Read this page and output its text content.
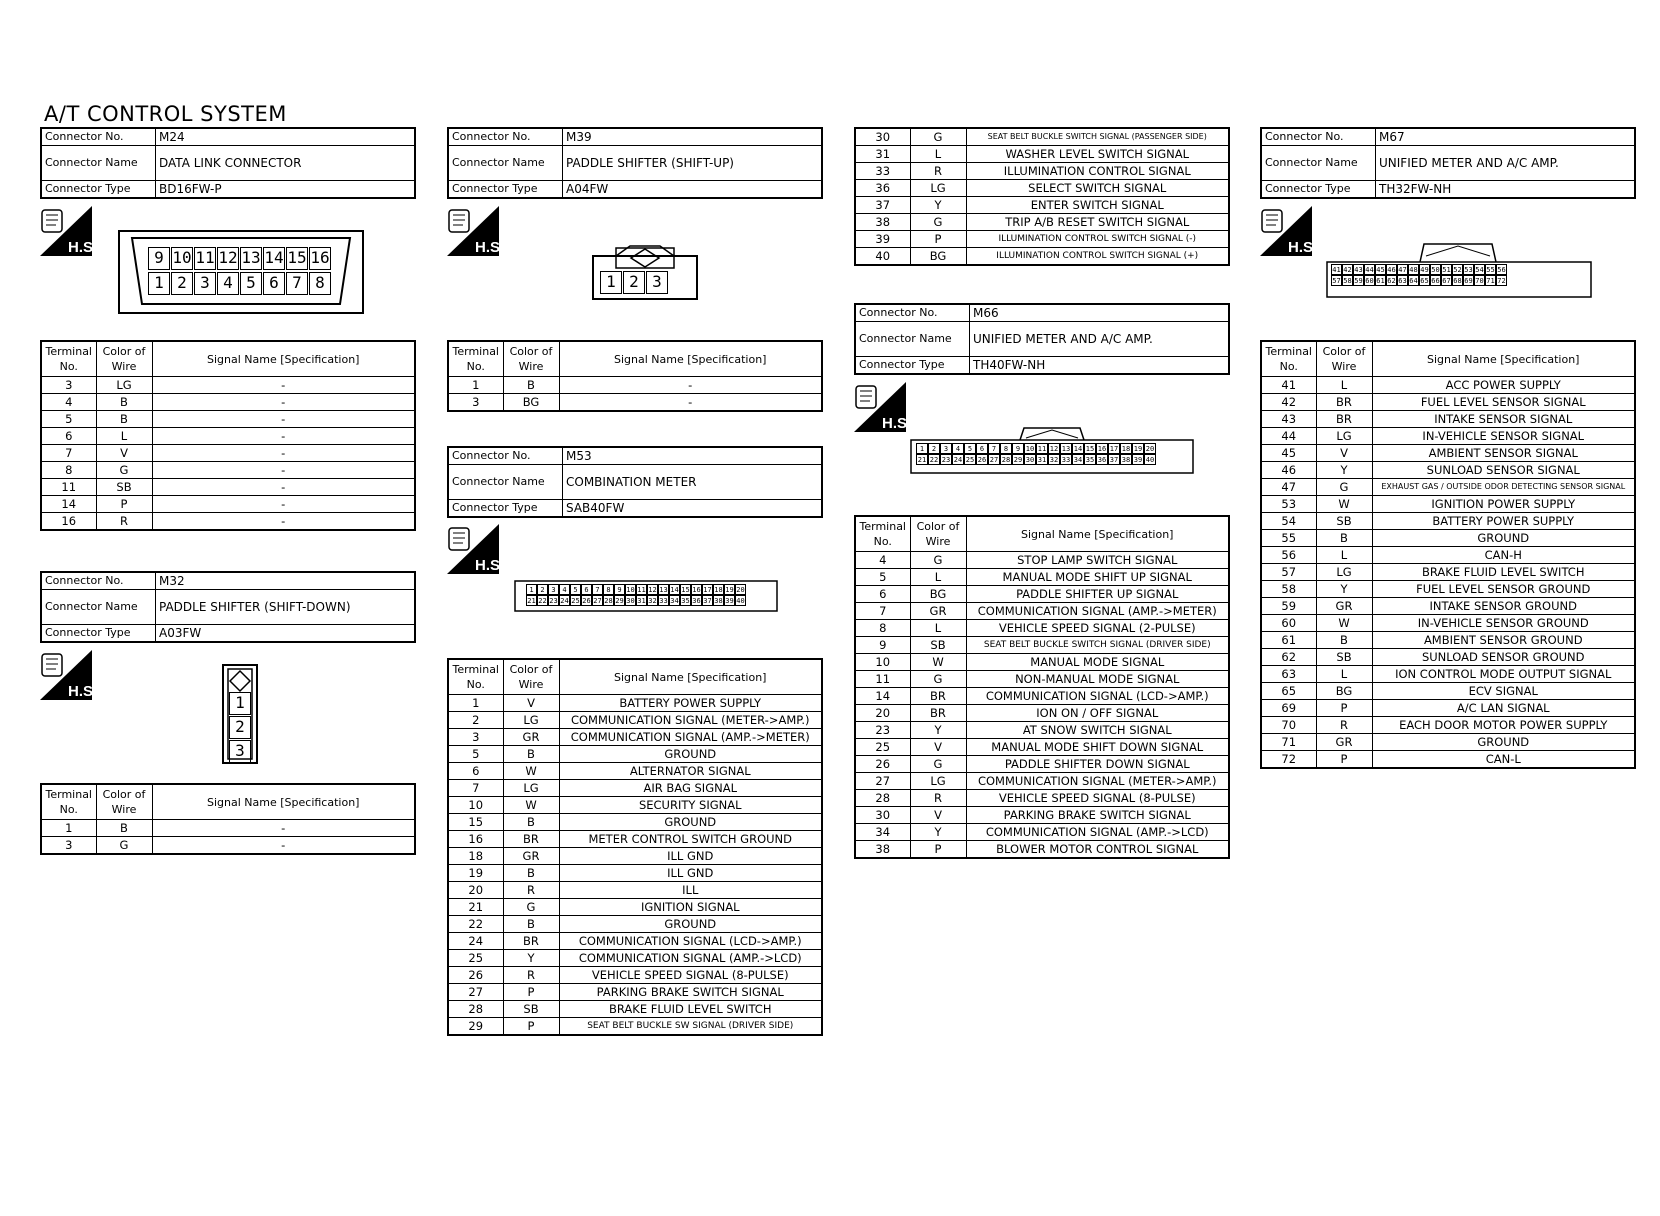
A/T CONTROL SYSTEM
Connector No.	M24
Connector Name	DATA LINK CONNECTOR
Connector Type	BD16FW-P
H.S.
9 10 11 12 13 14 15 16
1 2 3 4 5 6 7 8
Terminal No.	Color of Wire	Signal Name [Specification]
3	LG	-
4	B	-
5	B	-
6	L	-
7	V	-
8	G	-
11	SB	-
14	P	-
16	R	-
Connector No.	M32
Connector Name	PADDLE SHIFTER (SHIFT-DOWN)
Connector Type	A03FW
H.S.
1
2
3
Terminal No.	Color of Wire	Signal Name [Specification]
1	B	-
3	G	-
Connector No.	M39
Connector Name	PADDLE SHIFTER (SHIFT-UP)
Connector Type	A04FW
H.S.
1 2 3
Terminal No.	Color of Wire	Signal Name [Specification]
1	B	-
3	BG	-
Connector No.	M53
Connector Name	COMBINATION METER
Connector Type	SAB40FW
H.S.
1 2 3 4 5 6 7 8 9 10 11 12 13 14 15 16 17 18 19 20
21 22 23 24 25 26 27 28 29 30 31 32 33 34 35 36 37 38 39 40
Terminal No.	Color of Wire	Signal Name [Specification]
1	V	BATTERY POWER SUPPLY
2	LG	COMMUNICATION SIGNAL (METER->AMP.)
3	GR	COMMUNICATION SIGNAL (AMP.->METER)
5	B	GROUND
6	W	ALTERNATOR SIGNAL
7	LG	AIR BAG SIGNAL
10	W	SECURITY SIGNAL
15	B	GROUND
16	BR	METER CONTROL SWITCH GROUND
18	GR	ILL GND
19	B	ILL GND
20	R	ILL
21	G	IGNITION SIGNAL
22	B	GROUND
24	BR	COMMUNICATION SIGNAL (LCD->AMP.)
25	Y	COMMUNICATION SIGNAL (AMP.->LCD)
26	R	VEHICLE SPEED SIGNAL (8-PULSE)
27	P	PARKING BRAKE SWITCH SIGNAL
28	SB	BRAKE FLUID LEVEL SWITCH
29	P	SEAT BELT BUCKLE SW SIGNAL (DRIVER SIDE)
30	G	SEAT BELT BUCKLE SWITCH SIGNAL (PASSENGER SIDE)
31	L	WASHER LEVEL SWITCH SIGNAL
33	R	ILLUMINATION CONTROL SIGNAL
36	LG	SELECT SWITCH SIGNAL
37	Y	ENTER SWITCH SIGNAL
38	G	TRIP A/B RESET SWITCH SIGNAL
39	P	ILLUMINATION CONTROL SWITCH SIGNAL (-)
40	BG	ILLUMINATION CONTROL SWITCH SIGNAL (+)
Connector No.	M66
Connector Name	UNIFIED METER AND A/C AMP.
Connector Type	TH40FW-NH
H.S.
1	2	3	4	5	6	7	8	9 10 11 12 13 14 15 16 17 18 19 20
21 22 23 24 25 26 27 28 29 30 31 32 33 34 35 36 37 38 39 40
Terminal No.	Color of Wire	Signal Name [Specification]
4	G	STOP LAMP SWITCH SIGNAL
5	L	MANUAL MODE SHIFT UP SIGNAL
6	BG	PADDLE SHIFTER UP SIGNAL
7	GR	COMMUNICATION SIGNAL (AMP.->METER)
8	L	VEHICLE SPEED SIGNAL (2-PULSE)
9	SB	SEAT BELT BUCKLE SWITCH SIGNAL (DRIVER SIDE)
10	W	MANUAL MODE SIGNAL
11	G	NON-MANUAL MODE SIGNAL
14	BR	COMMUNICATION SIGNAL (LCD->AMP.)
20	BR	ION ON / OFF SIGNAL
23	Y	AT SNOW SWITCH SIGNAL
25	V	MANUAL MODE SHIFT DOWN SIGNAL
26	G	PADDLE SHIFTER DOWN SIGNAL
27	LG	COMMUNICATION SIGNAL (METER->AMP.)
28	R	VEHICLE SPEED SIGNAL (8-PULSE)
30	V	PARKING BRAKE SWITCH SIGNAL
34	Y	COMMUNICATION SIGNAL (AMP.->LCD)
38	P	BLOWER MOTOR CONTROL SIGNAL
Connector No.	M67
Connector Name	UNIFIED METER AND A/C AMP.
Connector Type	TH32FW-NH
H.S.
41 42 43 44 45 46 47 48 49 50 51 52 53 54 55 56
57 58 59 60 61 62 63 64 65 66 67 68 69 70 71 72
Terminal No.	Color of Wire	Signal Name [Specification]
41	L	ACC POWER SUPPLY
42	BR	FUEL LEVEL SENSOR SIGNAL
43	BR	INTAKE SENSOR SIGNAL
44	LG	IN-VEHICLE SENSOR SIGNAL
45	V	AMBIENT SENSOR SIGNAL
46	Y	SUNLOAD SENSOR SIGNAL
47	G	EXHAUST GAS / OUTSIDE ODOR DETECTING SENSOR SIGNAL
53	W	IGNITION POWER SUPPLY
54	SB	BATTERY POWER SUPPLY
55	B	GROUND
56	L	CAN-H
57	LG	BRAKE FLUID LEVEL SWITCH
58	Y	FUEL LEVEL SENSOR GROUND
59	GR	INTAKE SENSOR GROUND
60	W	IN-VEHICLE SENSOR GROUND
61	B	AMBIENT SENSOR GROUND
62	SB	SUNLOAD SENSOR GROUND
63	L	ION CONTROL MODE OUTPUT SIGNAL
65	BG	ECV SIGNAL
69	P	A/C LAN SIGNAL
70	R	EACH DOOR MOTOR POWER SUPPLY
71	GR	GROUND
72	P	CAN-L
